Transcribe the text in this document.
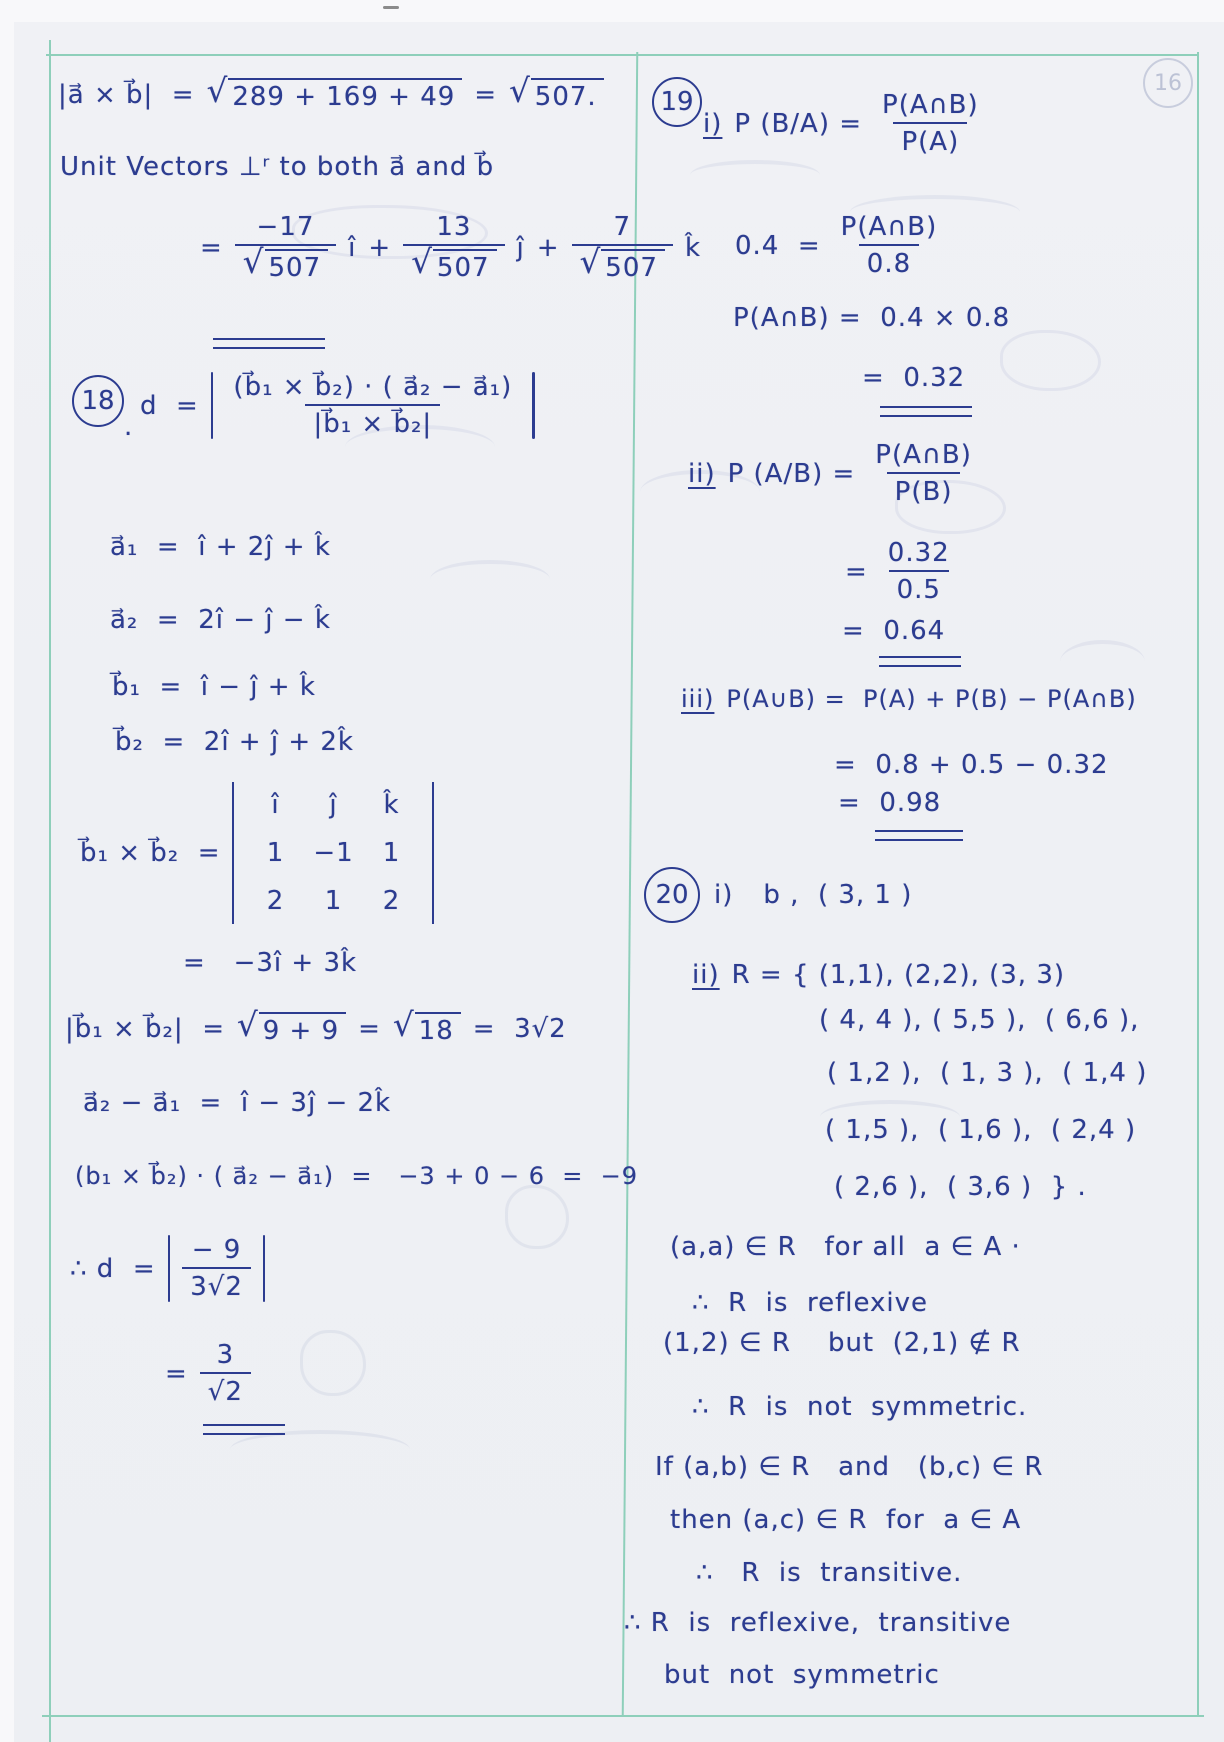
16
|a⃗ × b⃗|  = √ 289 + 169 + 49 = √ 507.
Unit Vectors ⊥ʳ to both a⃗ and b⃗
= $\frac{-17}{√ 507}$ î + $\frac{13}{√ 507}$ ĵ + $\frac{7}{√ 507}$ k̂
18
.
$d = \frac{\text{(b⃗₁ × b⃗₂) · ( a⃗₂ − a⃗₁)}}{\text{|b⃗₁ × b⃗₂|}}$
a⃗₁  =  î + 2ĵ + k̂
a⃗₂  =  2î − ĵ − k̂
b⃗₁  =  î − ĵ + k̂
b⃗₂  =  2î + ĵ + 2k̂
b⃗₁ × b⃗₂  =
î	ĵ	k̂
1	−1	1
2	1	2
=   −3î + 3k̂
|b⃗₁ × b⃗₂|  = √ 9 + 9 = √ 18 =  3√2
a⃗₂ − a⃗₁  =  î − 3ĵ − 2k̂
(b₁ × b⃗₂) · ( a⃗₂ − a⃗₁)  =   −3 + 0 − 6  =  −9
∴ $d = \frac{- 9}{3√2}$
= $\frac{3}{√2}$
19
i) P $(B/A) = \frac{P(A\cap B)}{P(A)}$
$0.4 = \frac{P(A\cap B)}{0.8}$
P(A∩B) =  0.4 × 0.8
=  0.32
ii) P $(A/B) = \frac{P(A\cap B)}{P(B)}$
= $\frac{0.32}{0.5}$
=  0.64
iii) P(A∪B) =  P(A) + P(B) − P(A∩B)
=  0.8 + 0.5 − 0.32
=  0.98
20 i) b ,  ( 3, 1 )
ii) R = { (1,1), (2,2), (3, 3)
( 4, 4 ), ( 5,5 ),  ( 6,6 ),
( 1,2 ),  ( 1, 3 ),  ( 1,4 )
( 1,5 ),  ( 1,6 ),  ( 2,4 )
( 2,6 ),  ( 3,6 )  } .
(a,a) ∈ R   for all  a ∈ A ·
∴  R  is  reflexive
(1,2) ∈ R    but  (2,1) ∉ R
∴  R  is  not  symmetric.
If (a,b) ∈ R   and   (b,c) ∈ R
then (a,c) ∈ R  for  a ∈ A
∴   R  is  transitive.
∴ R  is  reflexive,  transitive
but  not  symmetric
